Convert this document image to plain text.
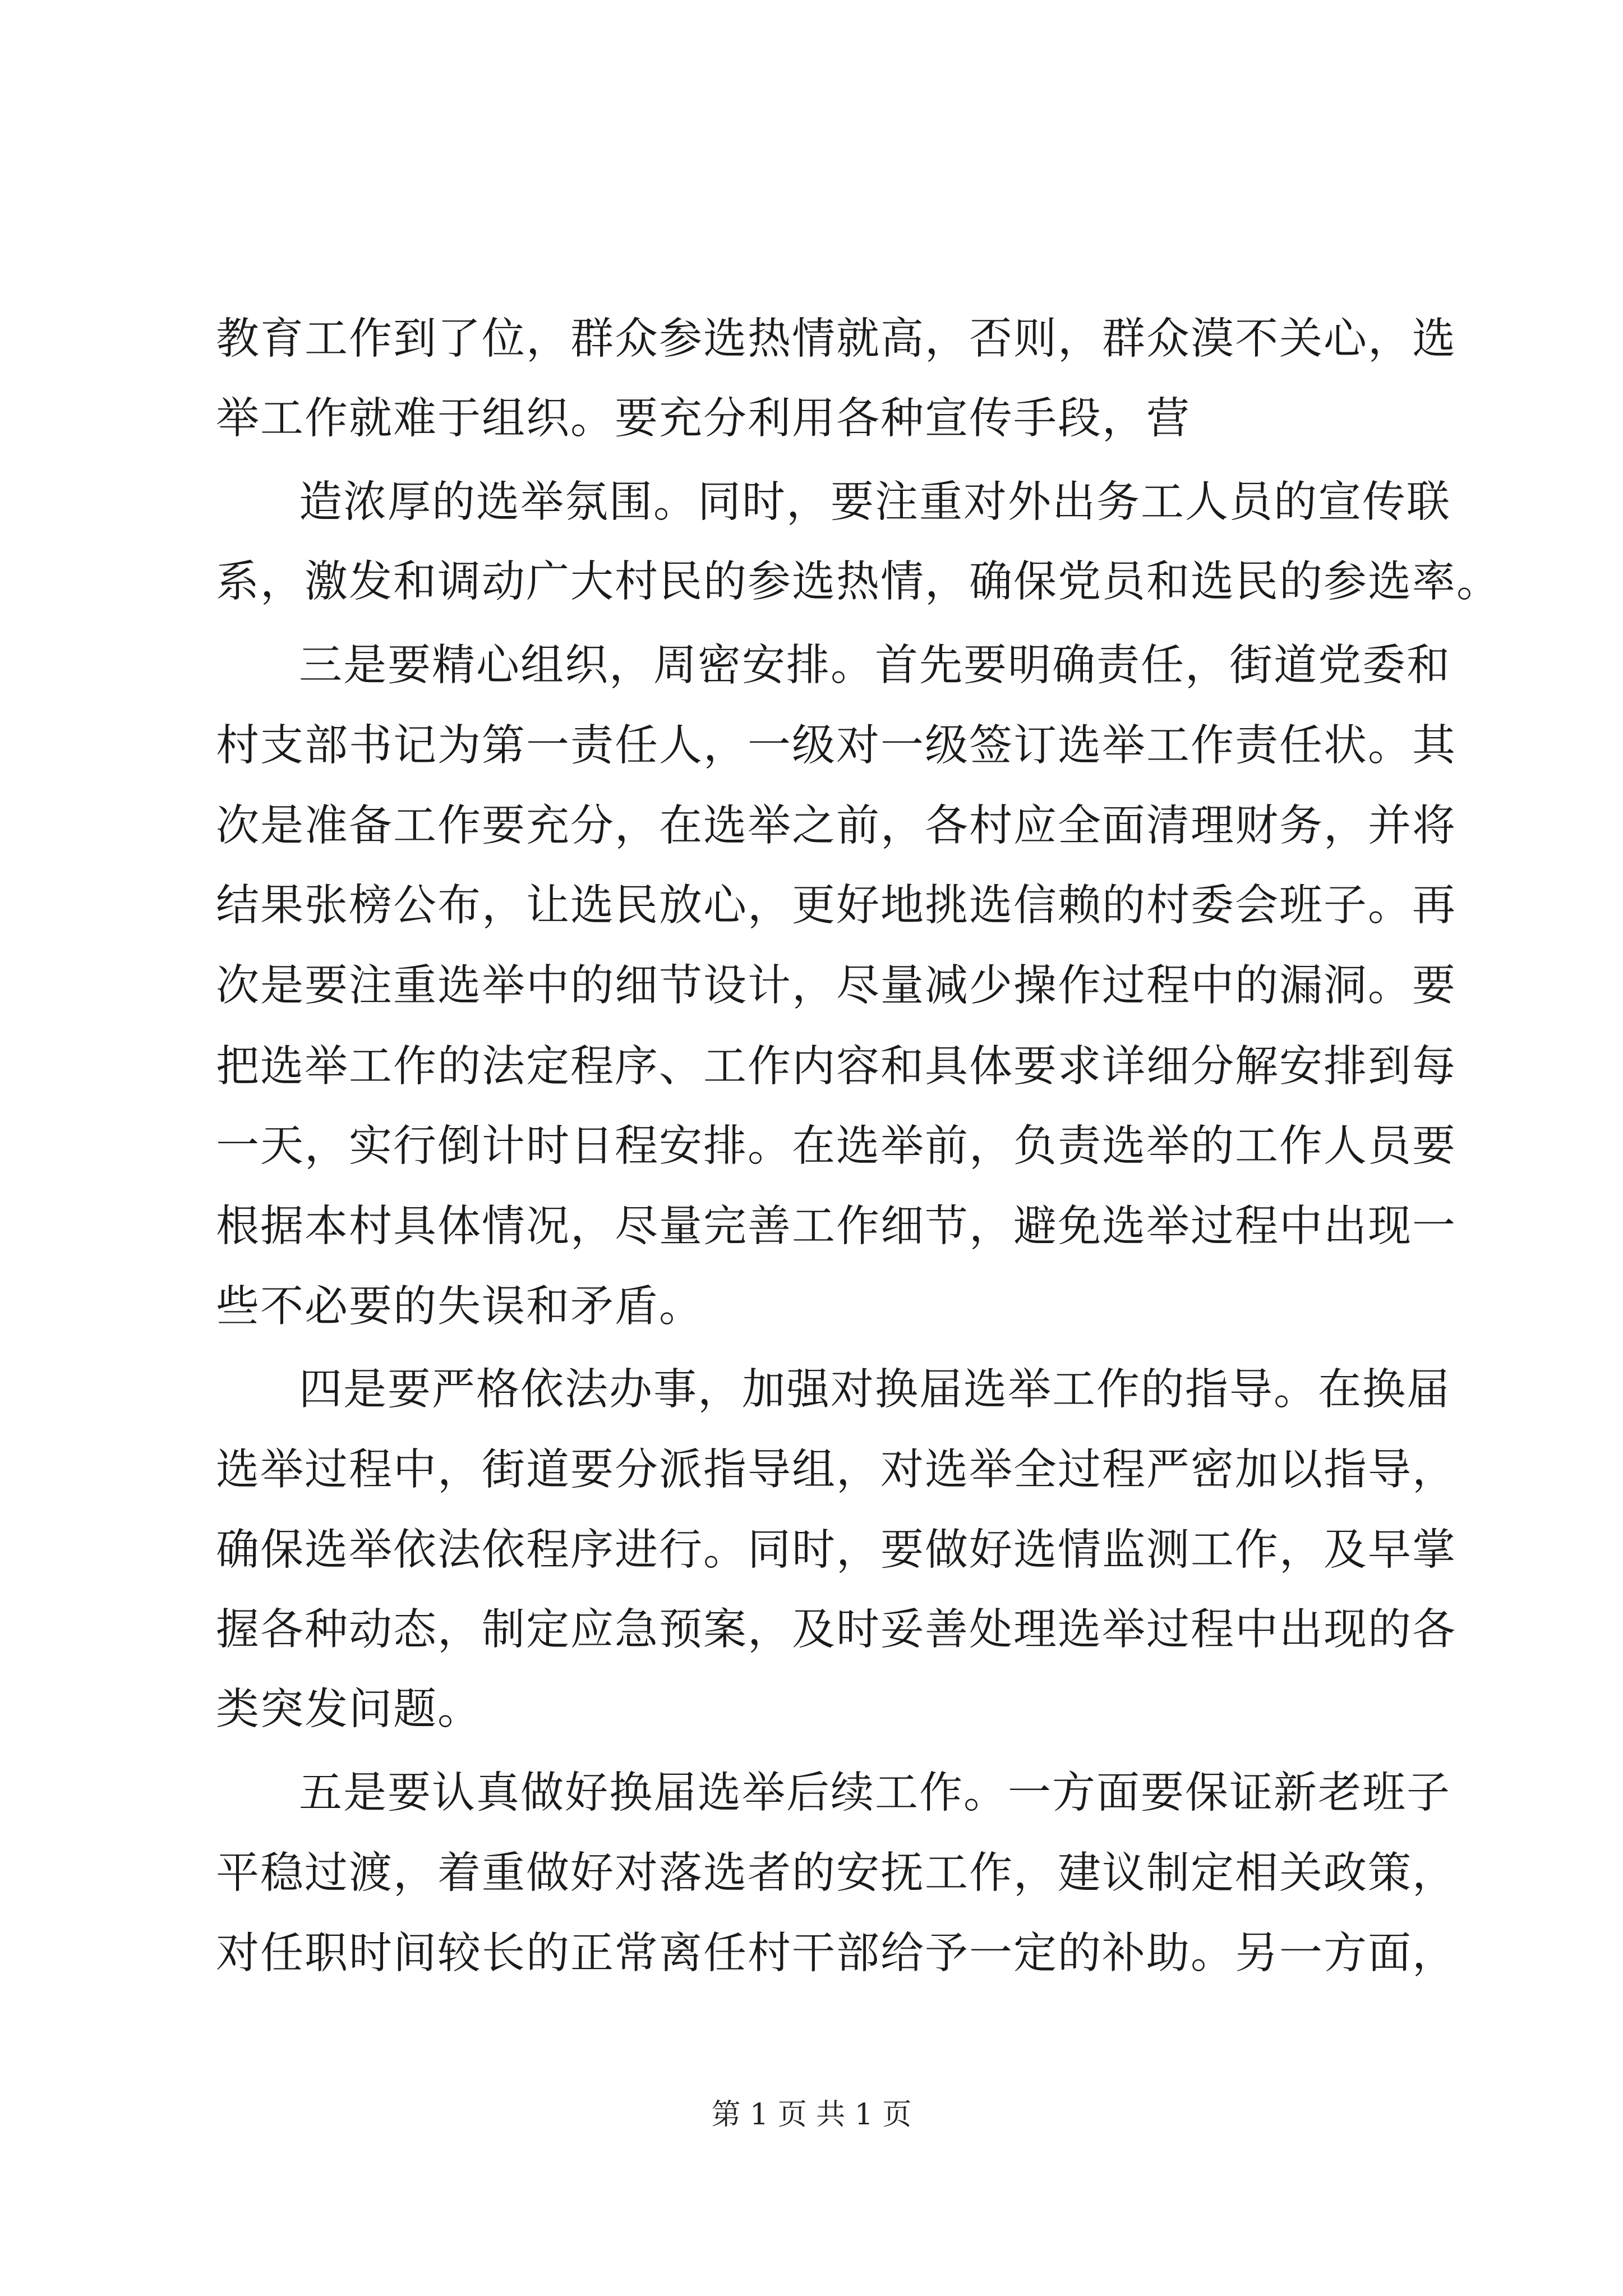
教育工作到了位，群众参选热情就高，否则，群众漠不关心，选
举工作就难于组织。要充分利用各种宣传手段，营
造浓厚的选举氛围。同时，要注重对外出务工人员的宣传联
系，激发和调动广大村民的参选热情，确保党员和选民的参选率。
三是要精心组织，周密安排。首先要明确责任，街道党委和
村支部书记为第一责任人，一级对一级签订选举工作责任状。其
次是准备工作要充分，在选举之前，各村应全面清理财务，并将
结果张榜公布，让选民放心，更好地挑选信赖的村委会班子。再
次是要注重选举中的细节设计，尽量减少操作过程中的漏洞。要
把选举工作的法定程序、工作内容和具体要求详细分解安排到每
一天，实行倒计时日程安排。在选举前，负责选举的工作人员要
根据本村具体情况，尽量完善工作细节，避免选举过程中出现一
些不必要的失误和矛盾。
四是要严格依法办事，加强对换届选举工作的指导。在换届
选举过程中，街道要分派指导组，对选举全过程严密加以指导，
确保选举依法依程序进行。同时，要做好选情监测工作，及早掌
握各种动态，制定应急预案，及时妥善处理选举过程中出现的各
类突发问题。
五是要认真做好换届选举后续工作。一方面要保证新老班子
平稳过渡，着重做好对落选者的安抚工作，建议制定相关政策，
对任职时间较长的正常离任村干部给予一定的补助。另一方面，
第 1 页 共 1 页
